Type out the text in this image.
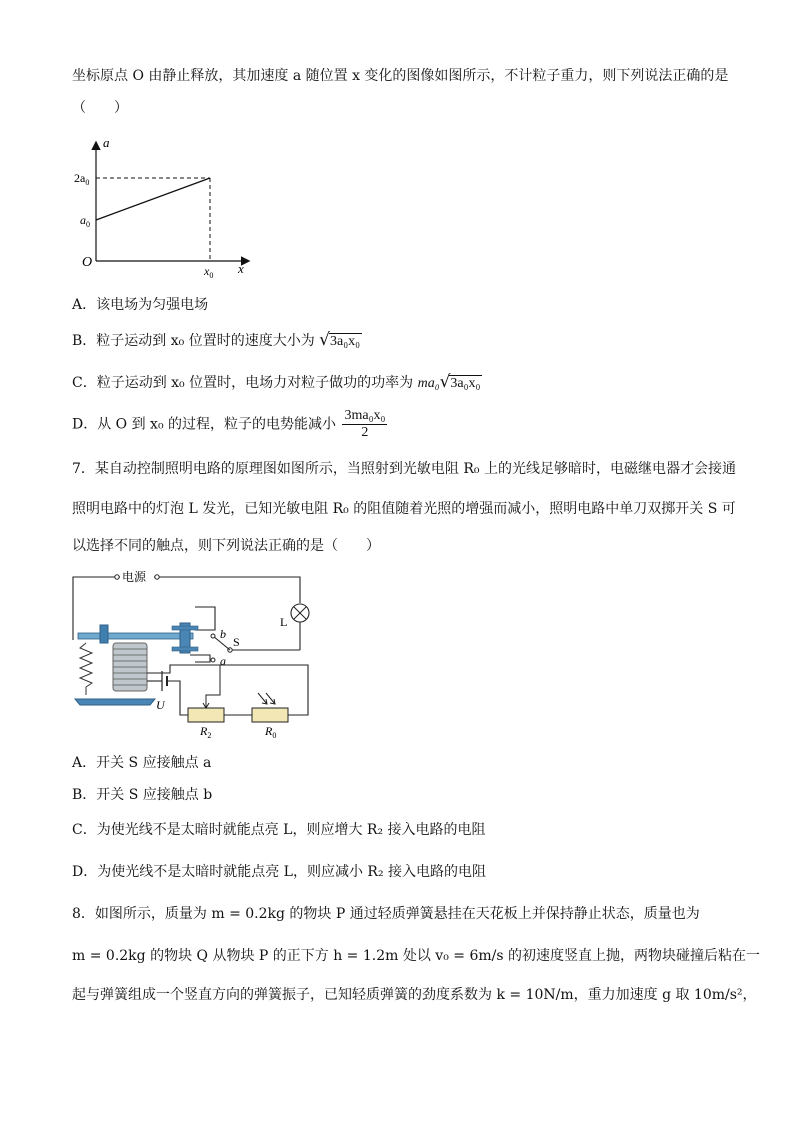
坐标原点 O 由静止释放，其加速度 a 随位置 x 变化的图像如图所示，不计粒子重力，则下列说法正确的是
（　　）
a
x
O
$2a_0$
$a_0$
$x_0$
A．该电场为匀强电场
B．粒子运动到 x₀ 位置时的速度大小为 √3a₀x₀
C．粒子运动到 x₀ 位置时，电场力对粒子做功的功率为 ma₀√3a₀x₀
D．从 O 到 x₀ 的过程，粒子的电势能减小 $\frac{\text{3ma₀x₀}}{2}$
7．某自动控制照明电路的原理图如图所示，当照射到光敏电阻 R₀ 上的光线足够暗时，电磁继电器才会接通
照明电路中的灯泡 L 发光，已知光敏电阻 R₀ 的阻值随着光照的增强而减小，照明电路中单刀双掷开关 S 可
以选择不同的触点，则下列说法正确的是（　　）
电源
L
S
b
a
U
$R_2$	$R_0$
A．开关 S 应接触点 a
B．开关 S 应接触点 b
C．为使光线不是太暗时就能点亮 L，则应增大 R₂ 接入电路的电阻
D．为使光线不是太暗时就能点亮 L，则应减小 R₂ 接入电路的电阻
8．如图所示，质量为 m = 0.2kg 的物块 P 通过轻质弹簧悬挂在天花板上并保持静止状态，质量也为
m = 0.2kg 的物块 Q 从物块 P 的正下方 h = 1.2m 处以 v₀ = 6m/s 的初速度竖直上抛，两物块碰撞后粘在一
起与弹簧组成一个竖直方向的弹簧振子，已知轻质弹簧的劲度系数为 k = 10N/m，重力加速度 g 取 10m/s²，
